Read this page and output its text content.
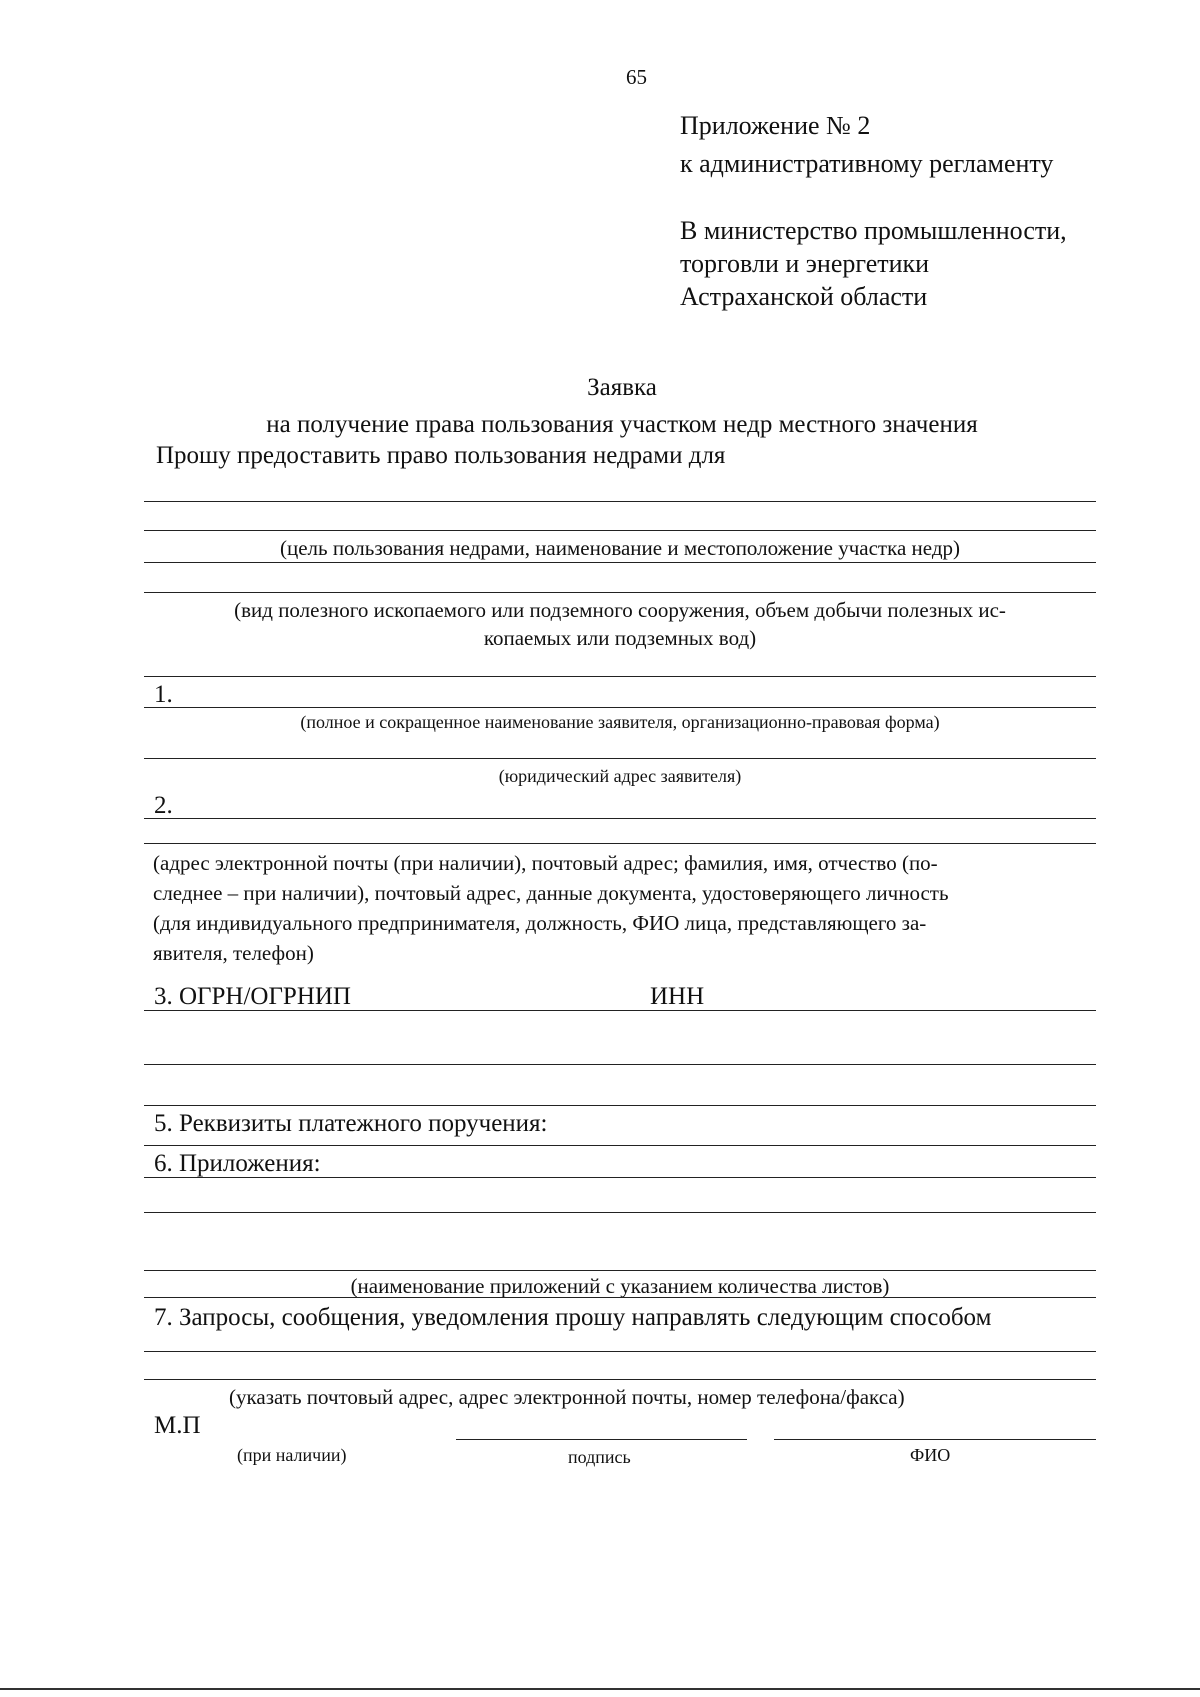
65
Приложение № 2
к административному регламенту
В министерство промышленности,
торговли и энергетики
Астраханской области
Заявка
на получение права пользования участком недр местного значения
Прошу предоставить право пользования недрами для
(цель пользования недрами, наименование и местоположение участка недр)
(вид полезного ископаемого или подземного сооружения, объем добычи полезных ис-
копаемых или подземных вод)
1.
(полное и сокращенное наименование заявителя, организационно-правовая форма)
(юридический адрес заявителя)
2.
(адрес электронной почты (при наличии), почтовый адрес; фамилия, имя, отчество (по-
следнее – при наличии), почтовый адрес, данные документа, удостоверяющего личность
(для индивидуального предпринимателя, должность, ФИО лица, представляющего за-
явителя, телефон)
3. ОГРН/ОГРНИП	ИНН
5. Реквизиты платежного поручения:
6. Приложения:
(наименование приложений с указанием количества листов)
7. Запросы, сообщения, уведомления прошу направлять следующим способом
(указать почтовый адрес, адрес электронной почты, номер телефона/факса)
М.П
(при наличии)	подпись	ФИО
